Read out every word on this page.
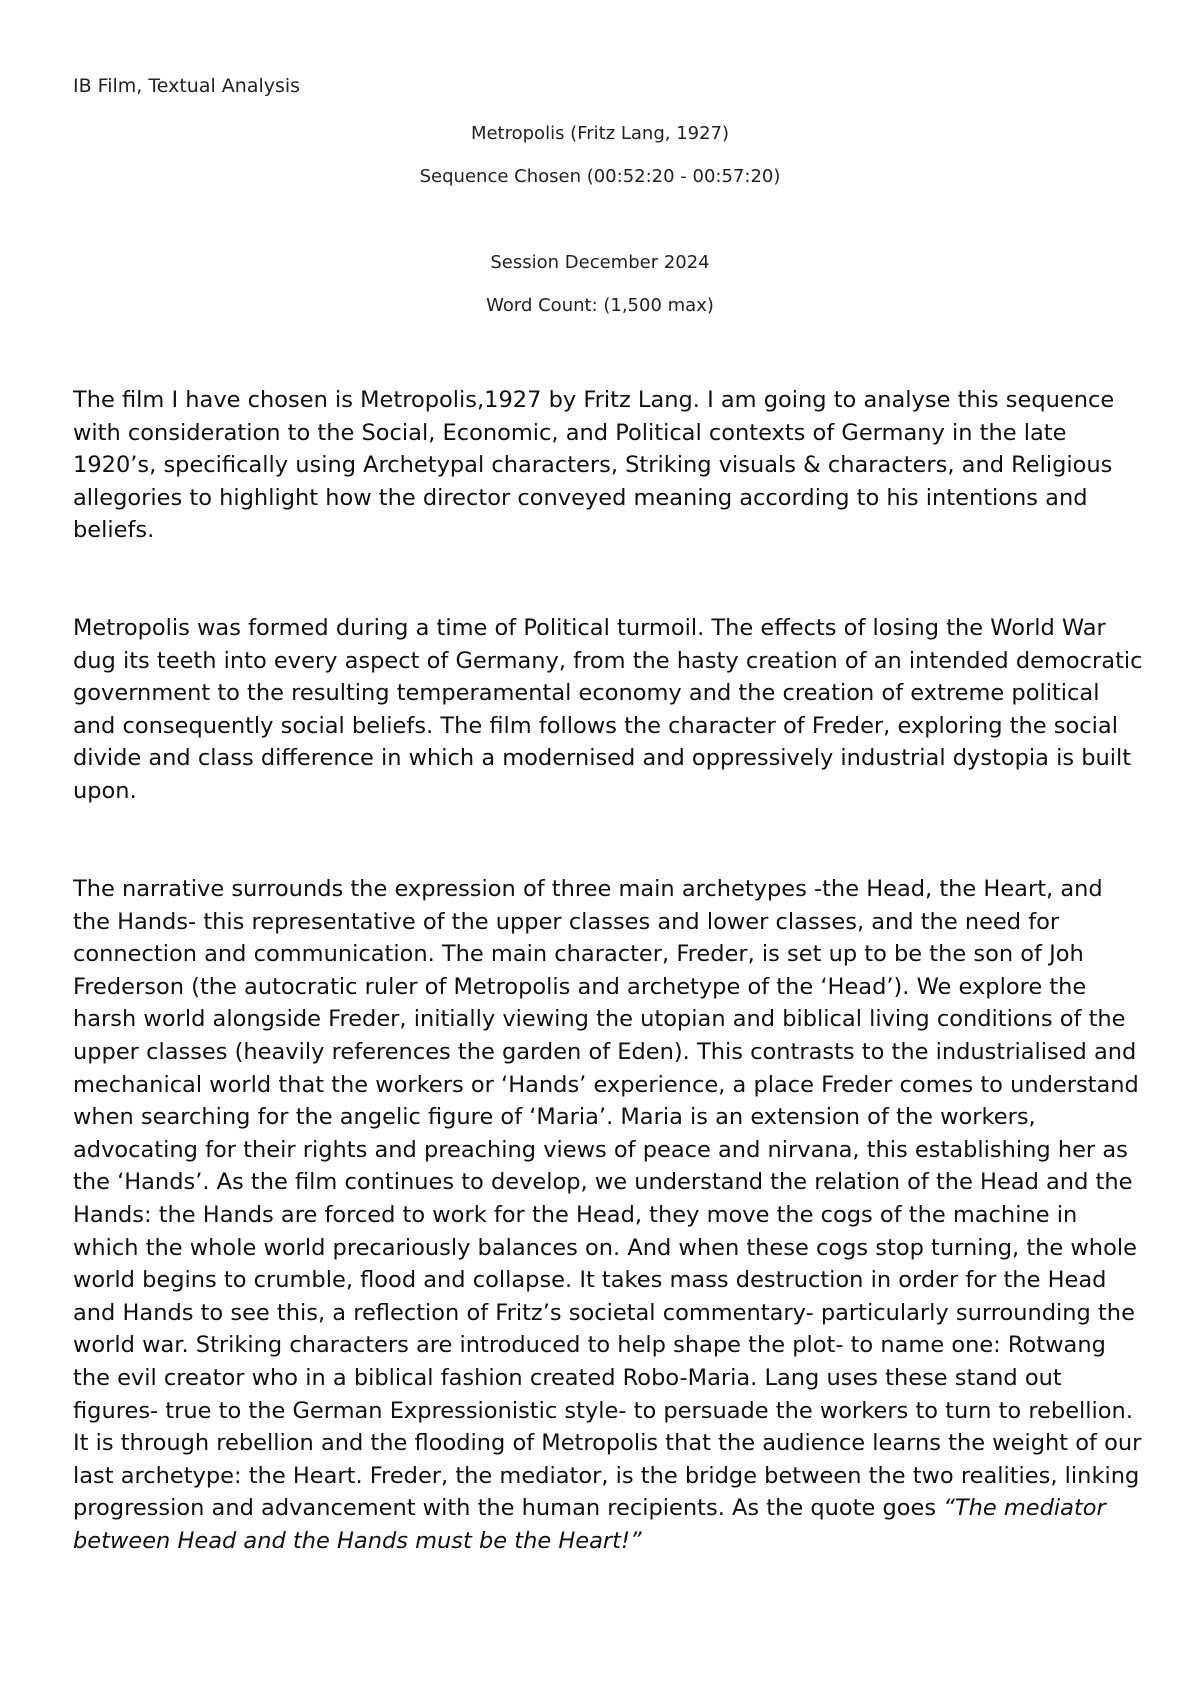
IB Film, Textual Analysis
Metropolis (Fritz Lang, 1927)
Sequence Chosen (00:52:20 - 00:57:20)
Session December 2024
Word Count: (1,500 max)

The film I have chosen is Metropolis,1927 by Fritz Lang. I am going to analyse this sequence with consideration to the Social, Economic, and Political contexts of Germany in the late 1920’s, specifically using Archetypal characters, Striking visuals & characters, and Religious allegories to highlight how the director conveyed meaning according to his intentions and beliefs.

Metropolis was formed during a time of Political turmoil. The effects of losing the World War dug its teeth into every aspect of Germany, from the hasty creation of an intended democratic government to the resulting temperamental economy and the creation of extreme political and consequently social beliefs. The film follows the character of Freder, exploring the social divide and class difference in which a modernised and oppressively industrial dystopia is built upon.

The narrative surrounds the expression of three main archetypes -the Head, the Heart, and the Hands- this representative of the upper classes and lower classes, and the need for connection and communication. The main character, Freder, is set up to be the son of Joh Frederson (the autocratic ruler of Metropolis and archetype of the ‘Head’). We explore the harsh world alongside Freder, initially viewing the utopian and biblical living conditions of the upper classes (heavily references the garden of Eden). This contrasts to the industrialised and mechanical world that the workers or ‘Hands’ experience, a place Freder comes to understand when searching for the angelic figure of ‘Maria’. Maria is an extension of the workers, advocating for their rights and preaching views of peace and nirvana, this establishing her as the ‘Hands’. As the film continues to develop, we understand the relation of the Head and the Hands: the Hands are forced to work for the Head, they move the cogs of the machine in which the whole world precariously balances on. And when these cogs stop turning, the whole world begins to crumble, flood and collapse. It takes mass destruction in order for the Head and Hands to see this, a reflection of Fritz’s societal commentary- particularly surrounding the world war. Striking characters are introduced to help shape the plot- to name one: Rotwang the evil creator who in a biblical fashion created Robo-Maria. Lang uses these stand out figures- true to the German Expressionistic style- to persuade the workers to turn to rebellion. It is through rebellion and the flooding of Metropolis that the audience learns the weight of our last archetype: the Heart. Freder, the mediator, is the bridge between the two realities, linking progression and advancement with the human recipients. As the quote goes “The mediator between Head and the Hands must be the Heart!”
